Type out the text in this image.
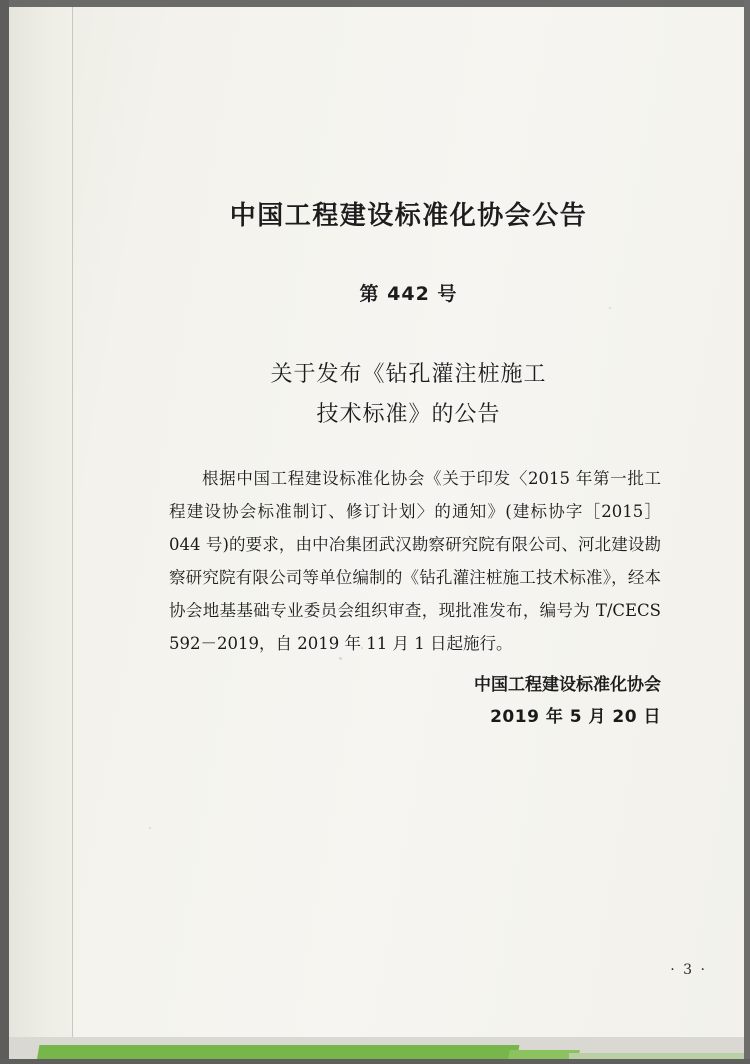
中国工程建设标准化协会公告
第 442 号
关于发布《钻孔灌注桩施工
技术标准》的公告
根据中国工程建设标准化协会《关于印发〈2015 年第一批工程建设协会标准制订、修订计划〉的通知》(建标协字［2015］044 号)的要求，由中冶集团武汉勘察研究院有限公司、河北建设勘察研究院有限公司等单位编制的《钻孔灌注桩施工技术标准》，经本协会地基基础专业委员会组织审查，现批准发布，编号为 T/CECS 592－2019，自 2019 年 11 月 1 日起施行。
中国工程建设标准化协会
2019 年 5 月 20 日
· 3 ·
